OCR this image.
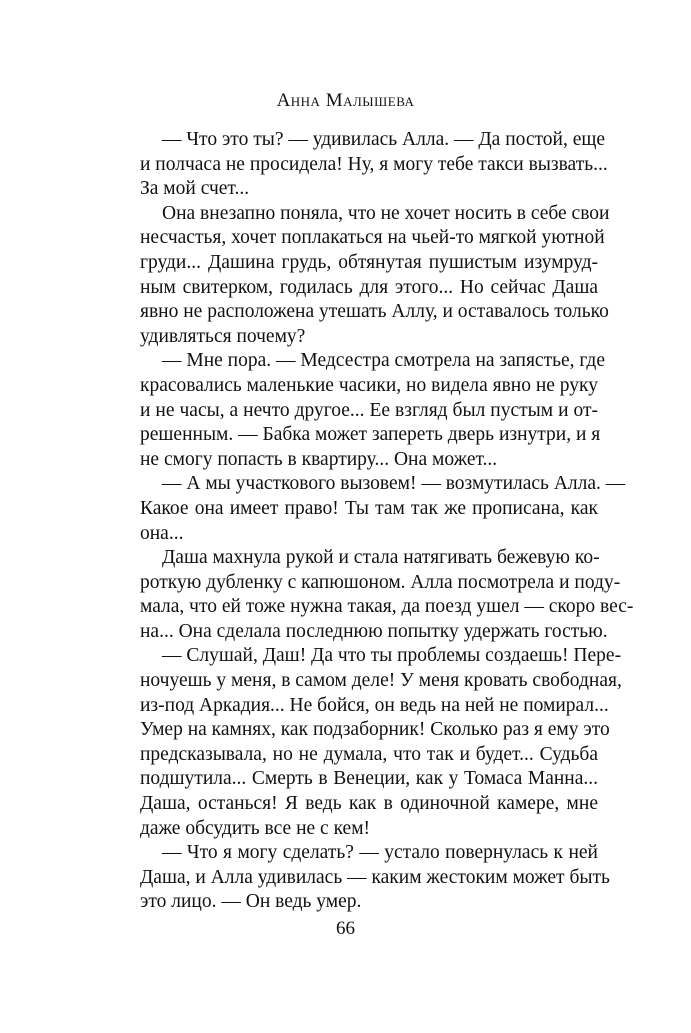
Анна Малышева
— Что это ты? — удивилась Алла. — Да постой, еще
и полчаса не просидела! Ну, я могу тебе такси вызвать...
За мой счет...
Она внезапно поняла, что не хочет носить в себе свои
несчастья, хочет поплакаться на чьей-то мягкой уютной
груди... Дашина грудь, обтянутая пушистым изумруд-
ным свитерком, годилась для этого... Но сейчас Даша
явно не расположена утешать Аллу, и оставалось только
удивляться почему?
— Мне пора. — Медсестра смотрела на запястье, где
красовались маленькие часики, но видела явно не руку
и не часы, а нечто другое... Ее взгляд был пустым и от-
решенным. — Бабка может запереть дверь изнутри, и я
не смогу попасть в квартиру... Она может...
— А мы участкового вызовем! — возмутилась Алла. —
Какое она имеет право! Ты там так же прописана, как
она...
Даша махнула рукой и стала натягивать бежевую ко-
роткую дубленку с капюшоном. Алла посмотрела и поду-
мала, что ей тоже нужна такая, да поезд ушел — скоро вес-
на... Она сделала последнюю попытку удержать гостью.
— Слушай, Даш! Да что ты проблемы создаешь! Пере-
ночуешь у меня, в самом деле! У меня кровать свободная,
из-под Аркадия... Не бойся, он ведь на ней не помирал...
Умер на камнях, как подзаборник! Сколько раз я ему это
предсказывала, но не думала, что так и будет... Судьба
подшутила... Смерть в Венеции, как у Томаса Манна...
Даша, останься! Я ведь как в одиночной камере, мне
даже обсудить все не с кем!
— Что я могу сделать? — устало повернулась к ней
Даша, и Алла удивилась — каким жестоким может быть
это лицо. — Он ведь умер.
66
